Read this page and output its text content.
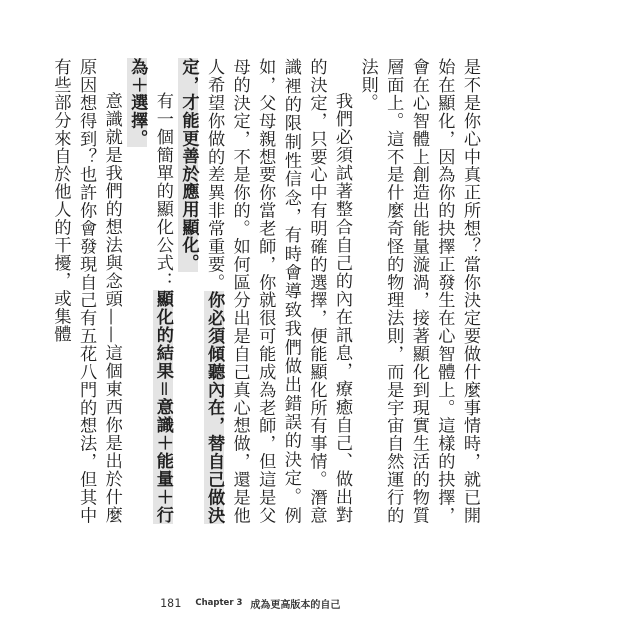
是不是你心中真正所想？當你決定要做什麼事情時，就已開始在顯化，因為你的抉擇正發生在心智體上。這樣的抉擇，會在心智體上創造出能量漩渦，接著顯化到現實生活的物質層面上。這不是什麼奇怪的物理法則，而是宇宙自然運行的法則。

我們必須試著整合自己的內在訊息，療癒自己、做出對的決定，只要心中有明確的選擇，便能顯化所有事情。潛意識裡的限制性信念，有時會導致我們做出錯誤的決定。例如，父母親想要你當老師，你就很可能成為老師，但這是父母的決定，不是你的。如何區分出是自己真心想做，還是他人希望你做的差異非常重要。你必須傾聽內在，替自己做決定，才能更善於應用顯化。

有一個簡單的顯化公式：顯化的結果＝意識＋能量＋行為＋選擇。

意識就是我們的想法與念頭——這個東西你是出於什麼原因想得到？也許你會發現自己有五花八門的想法，但其中有些部分來自於他人的干擾，或集體

181 Chapter 3 成為更高版本的自己
